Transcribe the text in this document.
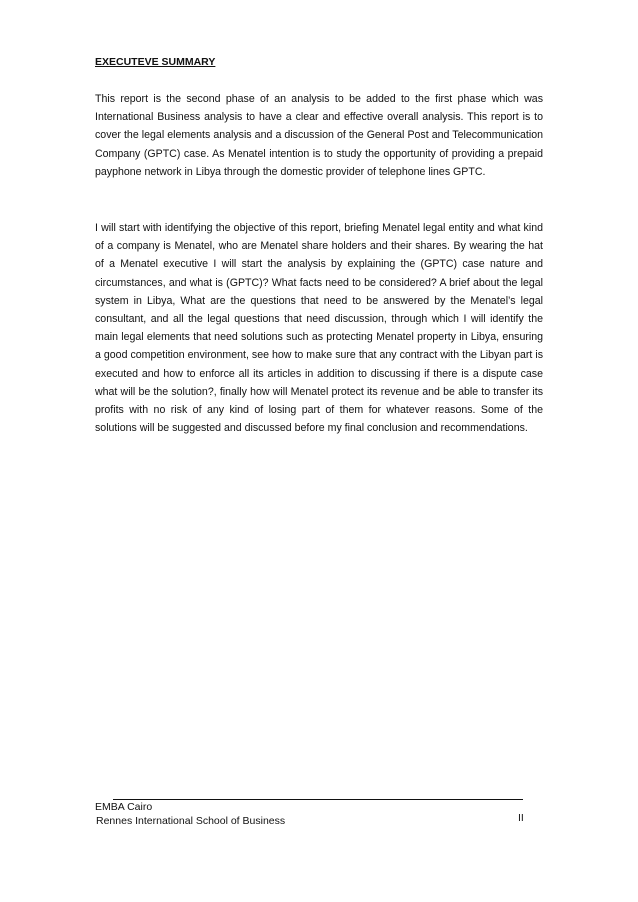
EXECUTEVE SUMMARY

This report is the second phase of an analysis to be added to the first phase which was International Business analysis to have a clear and effective overall analysis. This report is to cover the legal elements analysis and a discussion of the General Post and Telecommunication Company (GPTC) case. As Menatel intention is to study the opportunity of providing a prepaid payphone network in Libya through the domestic provider of telephone lines GPTC.

I will start with identifying the objective of this report, briefing Menatel legal entity and what kind of a company is Menatel, who are Menatel share holders and their shares. By wearing the hat of a Menatel executive I will start the analysis by explaining the (GPTC) case nature and circumstances, and what is (GPTC)? What facts need to be considered? A brief about the legal system in Libya, What are the questions that need to be answered by the Menatel’s legal consultant, and all the legal questions that need discussion, through which I will identify the main legal elements that need solutions such as protecting Menatel property in Libya, ensuring a good competition environment, see how to make sure that any contract with the Libyan part is executed and how to enforce all its articles in addition to discussing if there is a dispute case what will be the solution?, finally how will Menatel protect its revenue and be able to transfer its profits with no risk of any kind of losing part of them for whatever reasons. Some of the solutions will be suggested and discussed before my final conclusion and recommendations.

EMBA Cairo

Rennes International School of Business	II
